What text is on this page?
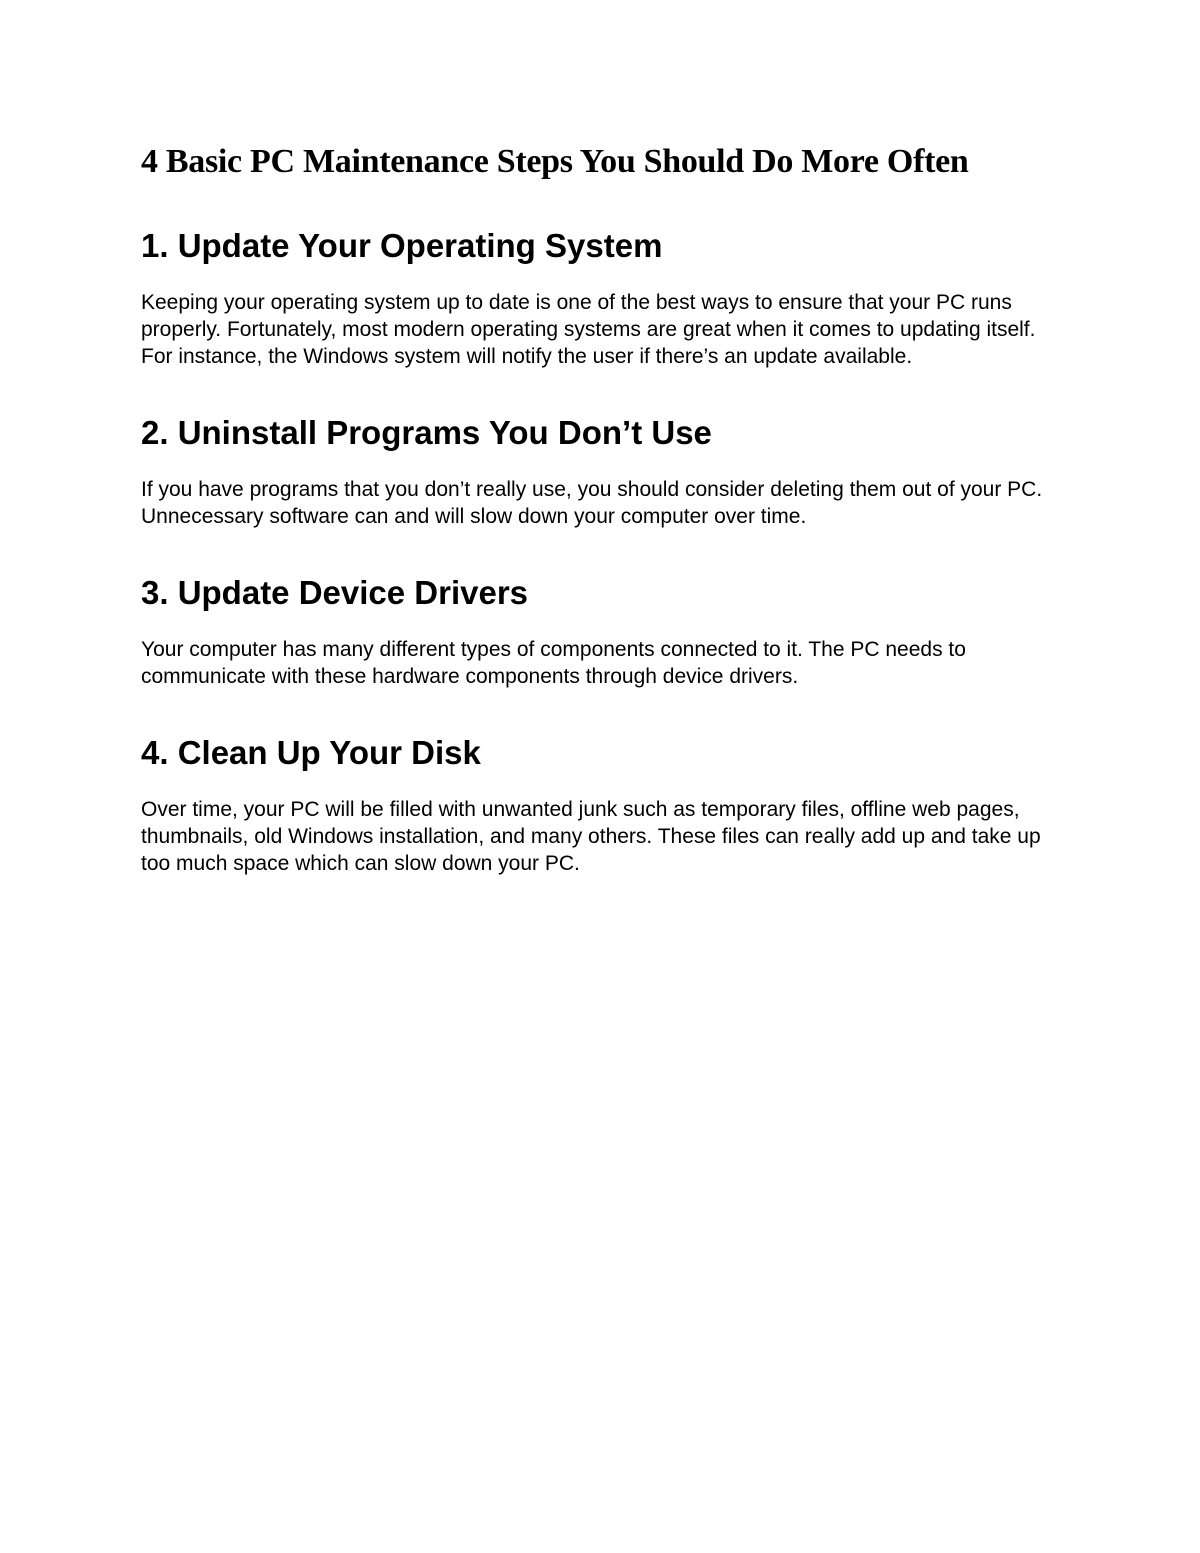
4 Basic PC Maintenance Steps You Should Do More Often
1. Update Your Operating System

Keeping your operating system up to date is one of the best ways to ensure that your PC runs properly. Fortunately, most modern operating systems are great when it comes to updating itself. For instance, the Windows system will notify the user if there’s an update available.

2. Uninstall Programs You Don’t Use

If you have programs that you don’t really use, you should consider deleting them out of your PC. Unnecessary software can and will slow down your computer over time.

3. Update Device Drivers

Your computer has many different types of components connected to it. The PC needs to communicate with these hardware components through device drivers.

4. Clean Up Your Disk

Over time, your PC will be filled with unwanted junk such as temporary files, offline web pages, thumbnails, old Windows installation, and many others. These files can really add up and take up too much space which can slow down your PC.
